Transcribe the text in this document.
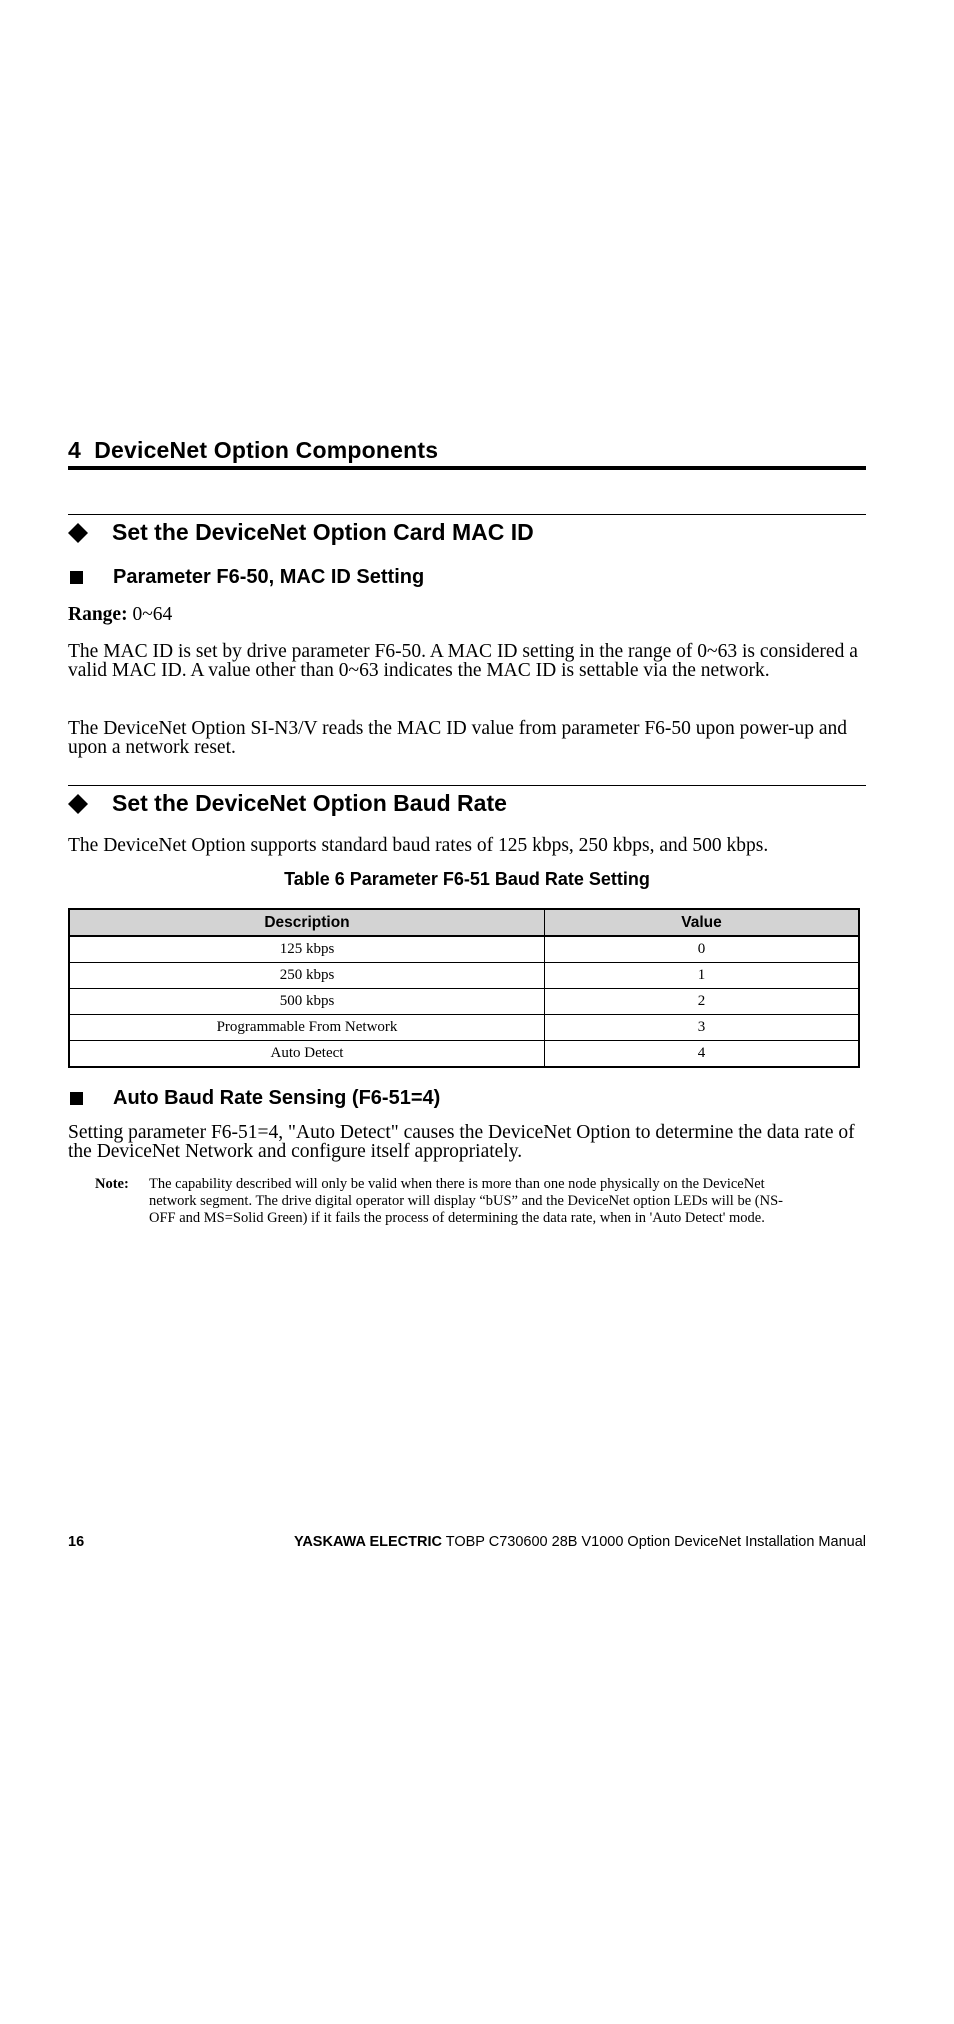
4 DeviceNet Option Components
Set the DeviceNet Option Card MAC ID
Parameter F6-50, MAC ID Setting
Range: 0~64
The MAC ID is set by drive parameter F6-50. A MAC ID setting in the range of 0~63 is considered a valid MAC ID. A value other than 0~63 indicates the MAC ID is settable via the network.
The DeviceNet Option SI-N3/V reads the MAC ID value from parameter F6-50 upon power-up and upon a network reset.
Set the DeviceNet Option Baud Rate
The DeviceNet Option supports standard baud rates of 125 kbps, 250 kbps, and 500 kbps.
Table 6 Parameter F6-51 Baud Rate Setting
Description	Value
125 kbps	0
250 kbps	1
500 kbps	2
Programmable From Network	3
Auto Detect	4
Auto Baud Rate Sensing (F6-51=4)
Setting parameter F6-51=4, "Auto Detect" causes the DeviceNet Option to determine the data rate of the DeviceNet Network and configure itself appropriately.
Note:	The capability described will only be valid when there is more than one node physically on the DeviceNet network segment. The drive digital operator will display “bUS” and the DeviceNet option LEDs will be (NS-OFF and MS=Solid Green) if it fails the process of determining the data rate, when in 'Auto Detect' mode.
16	YASKAWA ELECTRIC TOBP C730600 28B V1000 Option DeviceNet Installation Manual
